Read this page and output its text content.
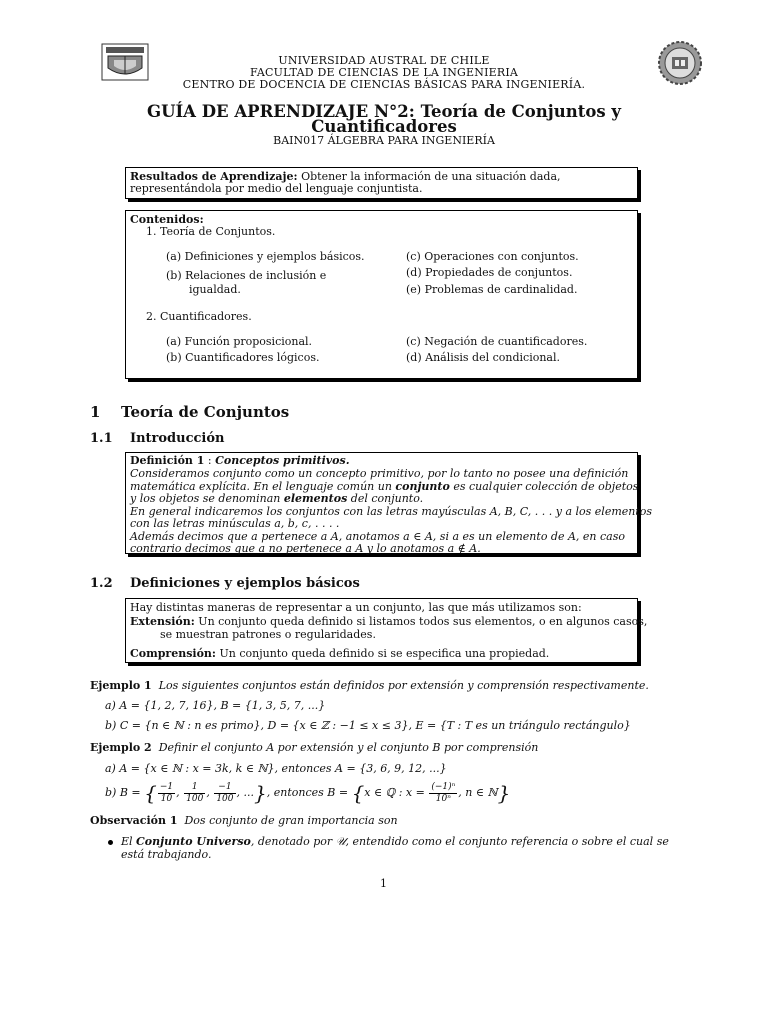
UNIVERSIDAD AUSTRAL DE CHILE
FACULTAD DE CIENCIAS DE LA INGENIERIA
CENTRO DE DOCENCIA DE CIENCIAS BÁSICAS PARA INGENIERÍA.
GUÍA DE APRENDIZAJE N°2: Teoría de Conjuntos y
Cuantificadores
BAIN017 ÁLGEBRA PARA INGENIERÍA
Resultados de Aprendizaje: Obtener la información de una situación dada,
representándola por medio del lenguaje conjuntista.
Contenidos:
1. Teoría de Conjuntos.
(a) Definiciones y ejemplos básicos.
(b) Relaciones de inclusión e
igualdad.
(c) Operaciones con conjuntos.
(d) Propiedades de conjuntos.
(e) Problemas de cardinalidad.
2. Cuantificadores.
(a) Función proposicional.
(b) Cuantificadores lógicos.
(c) Negación de cuantificadores.
(d) Análisis del condicional.
1 Teoría de Conjuntos
1.1 Introducción
Definición 1 : Conceptos primitivos.
Consideramos conjunto como un concepto primitivo, por lo tanto no posee una definición
matemática explícita. En el lenguaje común un conjunto es cualquier colección de objetos
y los objetos se denominan elementos del conjunto.
En general indicaremos los conjuntos con las letras mayúsculas A, B, C, . . . y a los elementos
con las letras minúsculas a, b, c, . . . .
Además decimos que a pertenece a A, anotamos a ∈ A, si a es un elemento de A, en caso
contrario decimos que a no pertenece a A y lo anotamos a ∉ A.
1.2 Definiciones y ejemplos básicos
Hay distintas maneras de representar a un conjunto, las que más utilizamos son:
Extensión: Un conjunto queda definido si listamos todos sus elementos, o en algunos casos,
se muestran patrones o regularidades.
Comprensión: Un conjunto queda definido si se especifica una propiedad.
Ejemplo 1 Los siguientes conjuntos están definidos por extensión y comprensión respectivamente.
a) A = {1, 2, 7, 16}, B = {1, 3, 5, 7, ...}
b) C = {n ∈ ℕ : n es primo}, D = {x ∈ ℤ : −1 ≤ x ≤ 3}, E = {T : T es un triángulo rectángulo}
Ejemplo 2 Definir el conjunto A por extensión y el conjunto B por comprensión
a) A = {x ∈ ℕ : x = 3k, k ∈ ℕ}, entonces A = {3, 6, 9, 12, ...}
b) B = { $\frac{-1}{10}$ , $\frac{1}{100}$ , $\frac{-1}{100}$ , ...}, entonces B = {x ∈ ℚ : $x = \frac{\text{(−1)ⁿ}}{\text{10ⁿ}}$ , n ∈ ℕ}
Observación 1 Dos conjunto de gran importancia son
El Conjunto Universo, denotado por 𝒰, entendido como el conjunto referencia o sobre el cual se
está trabajando.
1
